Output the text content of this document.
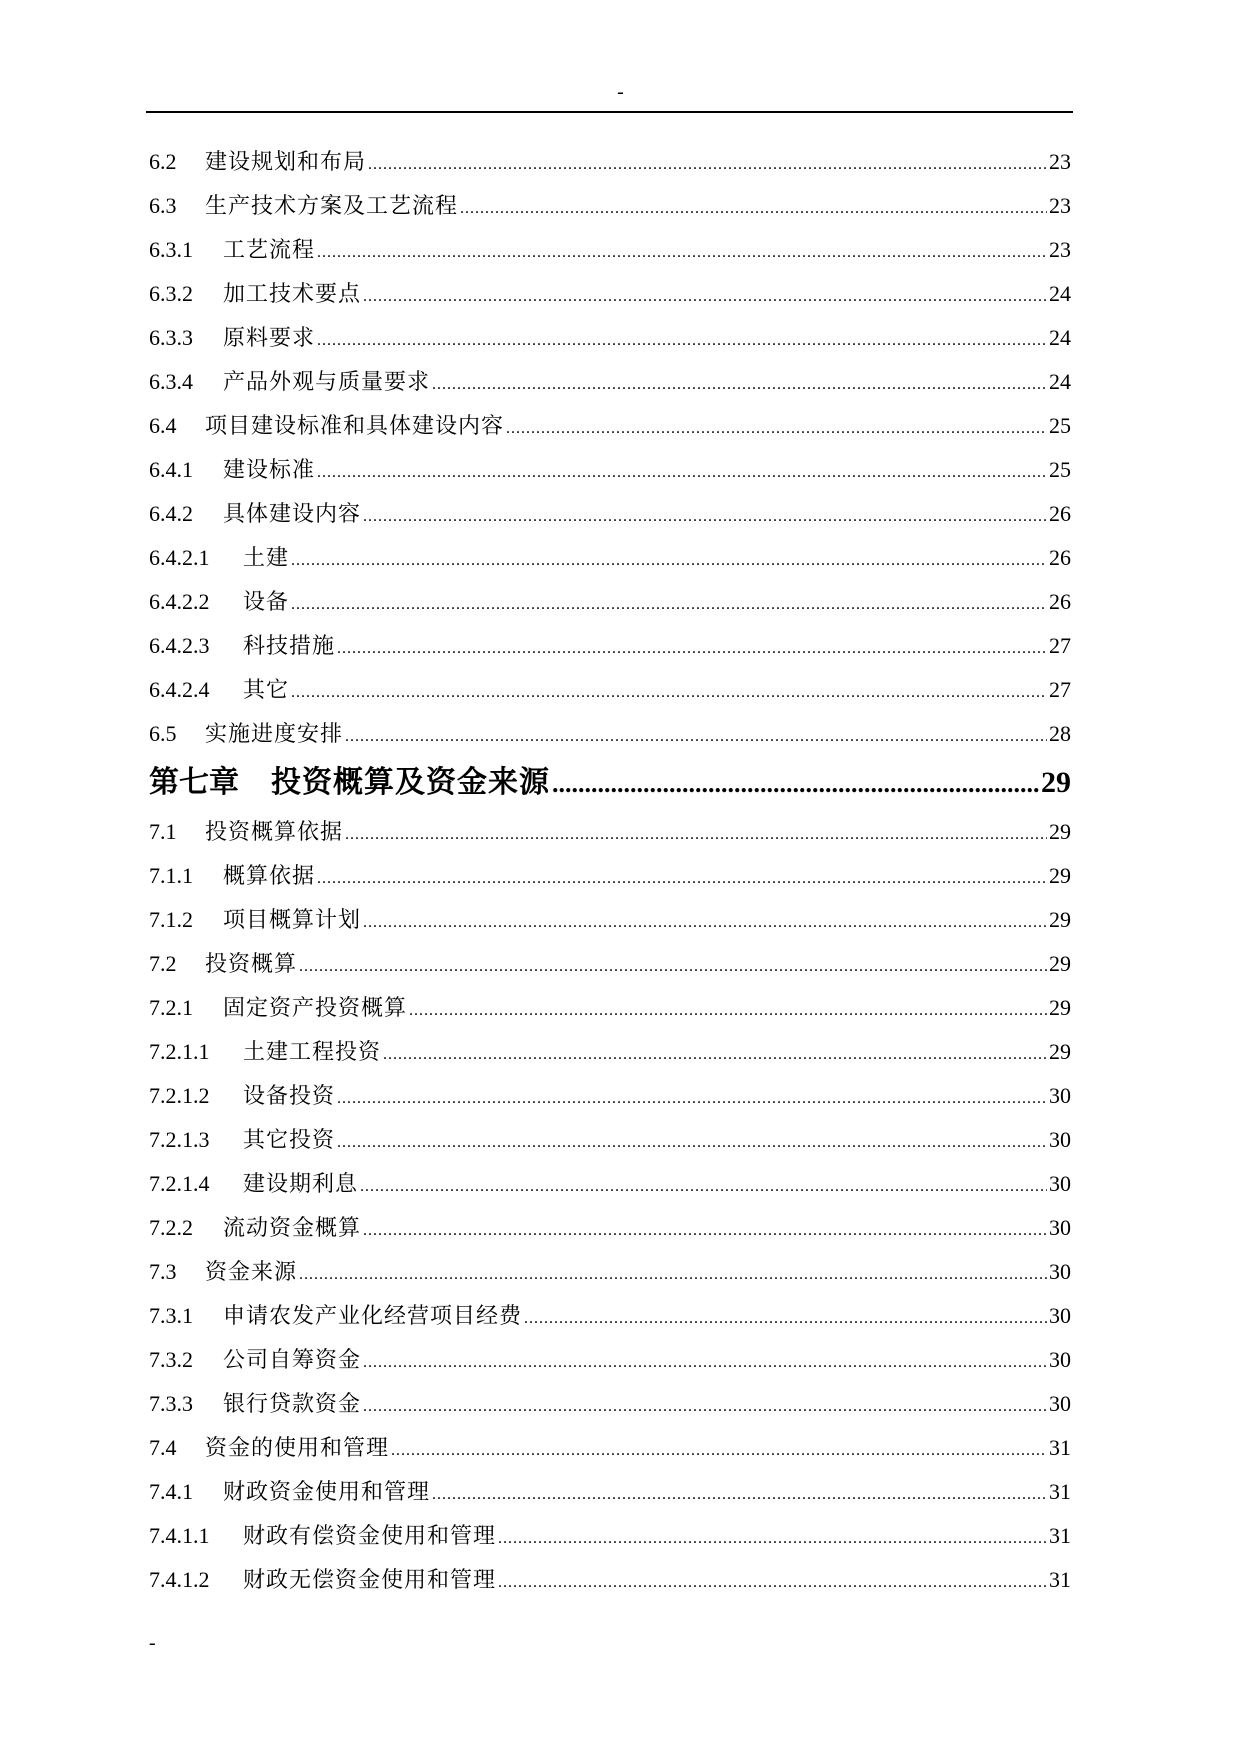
-
6.2	建设规划和布局 .....	23
6.3	生产技术方案及工艺流程 .....	23
6.3.1	工艺流程 .....	23
6.3.2	加工技术要点 .....	24
6.3.3	原料要求 .....	24
6.3.4	产品外观与质量要求 .....	24
6.4	项目建设标准和具体建设内容 .....	25
6.4.1	建设标准 .....	25
6.4.2	具体建设内容 .....	26
6.4.2.1	土建 .....	26
6.4.2.2	设备 .....	26
6.4.2.3	科技措施 .....	27
6.4.2.4	其它 .....	27
6.5	实施进度安排 .....	28
第七章	投资概算及资金来源 .....	29
7.1	投资概算依据 .....	29
7.1.1	概算依据 .....	29
7.1.2	项目概算计划 .....	29
7.2	投资概算 .....	29
7.2.1	固定资产投资概算 .....	29
7.2.1.1	土建工程投资 .....	29
7.2.1.2	设备投资 .....	30
7.2.1.3	其它投资 .....	30
7.2.1.4	建设期利息 .....	30
7.2.2	流动资金概算 .....	30
7.3	资金来源 .....	30
7.3.1	申请农发产业化经营项目经费 .....	30
7.3.2	公司自筹资金 .....	30
7.3.3	银行贷款资金 .....	30
7.4	资金的使用和管理 .....	31
7.4.1	财政资金使用和管理 .....	31
7.4.1.1	财政有偿资金使用和管理 .....	31
7.4.1.2	财政无偿资金使用和管理 .....	31
-
